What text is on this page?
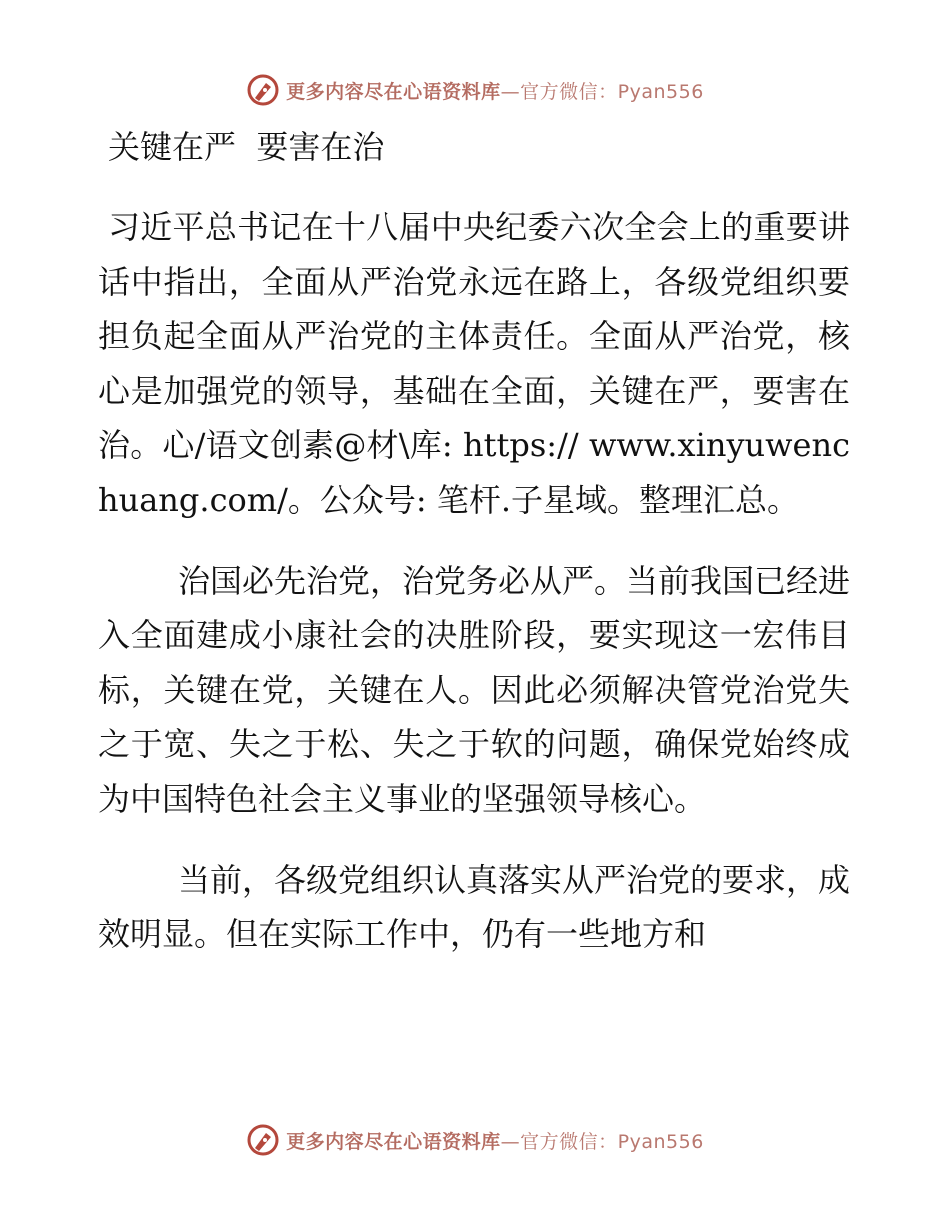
更多内容尽在心语资料库—官方微信：Pyan556
关键在严  要害在治

习近平总书记在十八届中央纪委六次全会上的重要讲话中指出，全面从严治党永远在路上，各级党组织要担负起全面从严治党的主体责任。全面从严治党，核心是加强党的领导，基础在全面，关键在严，要害在治。心/语文创素@材\库: https:// www.xinyuwenchuang.com/。公众号: 笔杆.子星域。整理汇总。

治国必先治党，治党务必从严。当前我国已经进入全面建成小康社会的决胜阶段，要实现这一宏伟目标，关键在党，关键在人。因此必须解决管党治党失之于宽、失之于松、失之于软的问题，确保党始终成为中国特色社会主义事业的坚强领导核心。

当前，各级党组织认真落实从严治党的要求，成效明显。但在实际工作中，仍有一些地方和

更多内容尽在心语资料库—官方微信：Pyan556
